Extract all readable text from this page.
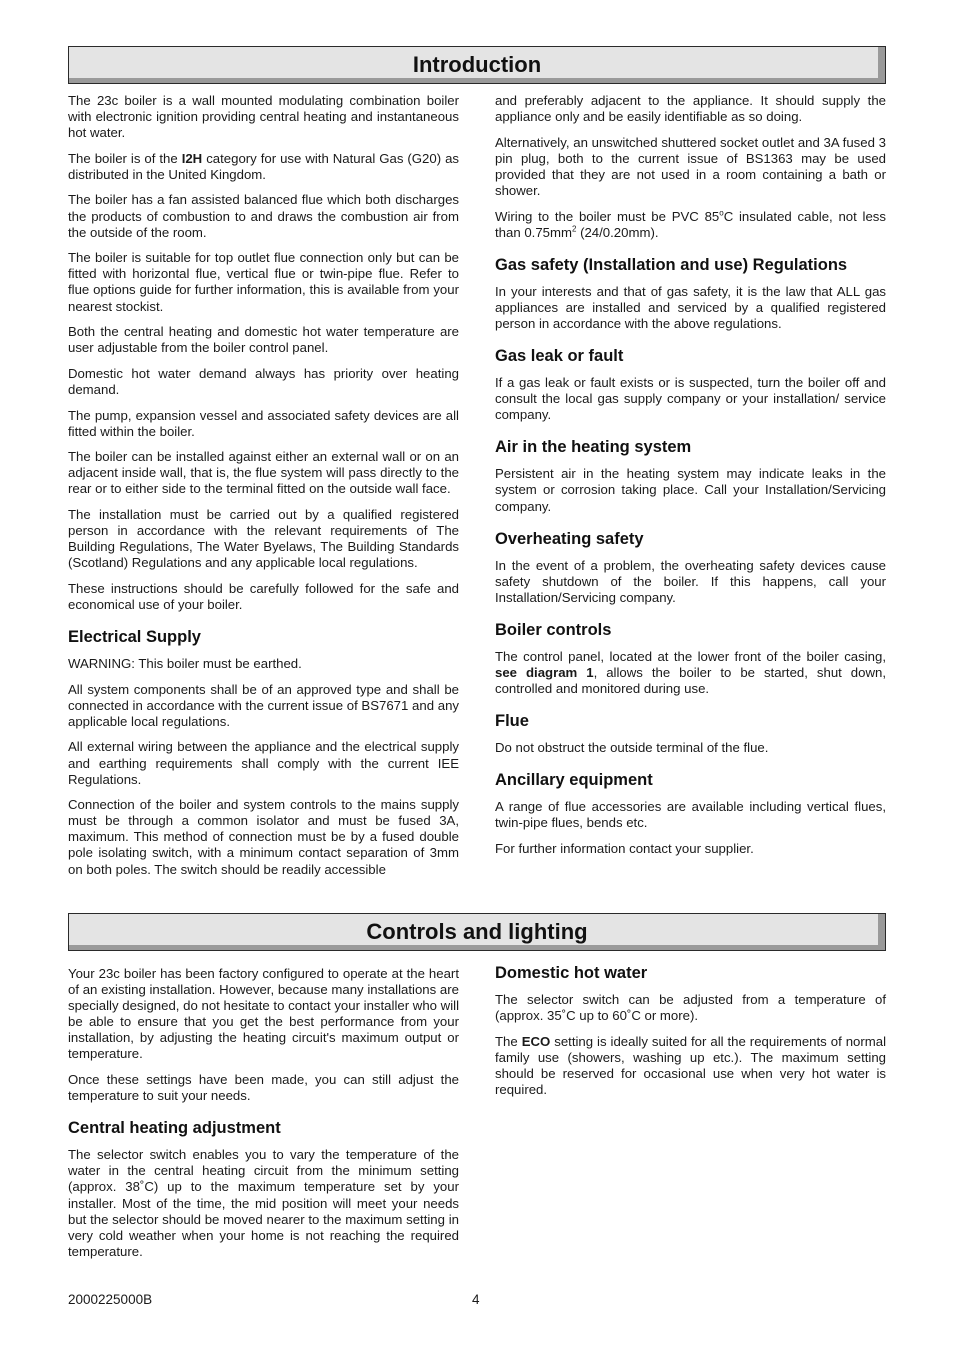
Introduction

The 23c boiler is a wall mounted modulating combination boiler with electronic ignition providing central heating and instantaneous hot water.

The boiler is of the I2H category for use with Natural Gas (G20) as distributed in the United Kingdom.

The boiler has a fan assisted balanced flue which both discharges the products of combustion to and draws the combustion air from the outside of the room.

The boiler is suitable for top outlet flue connection only but can be fitted with horizontal flue, vertical flue or twin-pipe flue. Refer to flue options guide for further information, this is available from your nearest stockist.

Both the central heating and domestic hot water temperature are user adjustable from the boiler control panel.

Domestic hot water demand always has priority over heating demand.

The pump, expansion vessel and associated safety devices are all fitted within the boiler.

The boiler can be installed against either an external wall or on an adjacent inside wall, that is, the flue system will pass directly to the rear or to either side to the terminal fitted on the outside wall face.

The installation must be carried out by a qualified registered person in accordance with the relevant requirements of The Building Regulations, The Water Byelaws, The Building Standards (Scotland) Regulations and any applicable local regulations.

These instructions should be carefully followed for the safe and economical use of your boiler.

Electrical Supply

WARNING: This boiler must be earthed.

All system components shall be of an approved type and shall be connected in accordance with the current issue of BS7671 and any applicable local regulations.

All external wiring between the appliance and the electrical supply and earthing requirements shall comply with the current IEE Regulations.

Connection of the boiler and system controls to the mains supply must be through a common isolator and must be fused 3A, maximum. This method of connection must be by a fused double pole isolating switch, with a minimum contact separation of 3mm on both poles. The switch should be readily accessible

and preferably adjacent to the appliance. It should supply the appliance only and be easily identifiable as so doing.

Alternatively, an unswitched shuttered socket outlet and 3A fused 3 pin plug, both to the current issue of BS1363 may be used provided that they are not used in a room containing a bath or shower.

Wiring to the boiler must be PVC 85$^o$C insulated cable, not less than $0.75mm^2$ (24/0.20mm).

Gas safety (Installation and use) Regulations

In your interests and that of gas safety, it is the law that ALL gas appliances are installed and serviced by a qualified registered person in accordance with the above regulations.

Gas leak or fault

If a gas leak or fault exists or is suspected, turn the boiler off and consult the local gas supply company or your installation/ service company.

Air in the heating system

Persistent air in the heating system may indicate leaks in the system or corrosion taking place. Call your Installation/Servicing company.

Overheating safety

In the event of a problem, the overheating safety devices cause safety shutdown of the boiler. If this happens, call your Installation/Servicing company.

Boiler controls

The control panel, located at the lower front of the boiler casing, see diagram 1, allows the boiler to be started, shut down, controlled and monitored during use.

Flue

Do not obstruct the outside terminal of the flue.

Ancillary equipment

A range of flue accessories are available including vertical flues, twin-pipe flues, bends etc.

For further information contact your supplier.

Controls and lighting

Your 23c boiler has been factory configured to operate at the heart of an existing installation. However, because many installations are specially designed, do not hesitate to contact your installer who will be able to ensure that you get the best performance from your installation, by adjusting the heating circuit's maximum output or temperature.

Once these settings have been made, you can still adjust the temperature to suit your needs.

Central heating adjustment

The selector switch enables you to vary the temperature of the water in the central heating circuit from the minimum setting (approx. 38˚C) up to the maximum temperature set by your installer. Most of the time, the mid position will meet your needs but the selector should be moved nearer to the maximum setting in very cold weather when your home is not reaching the required temperature.

Domestic hot water

The selector switch can be adjusted from a temperature of (approx. 35˚C up to 60˚C or more).

The ECO setting is ideally suited for all the requirements of normal family use (showers, washing up etc.). The maximum setting should be reserved for occasional use when very hot water is required.

2000225000B	4
